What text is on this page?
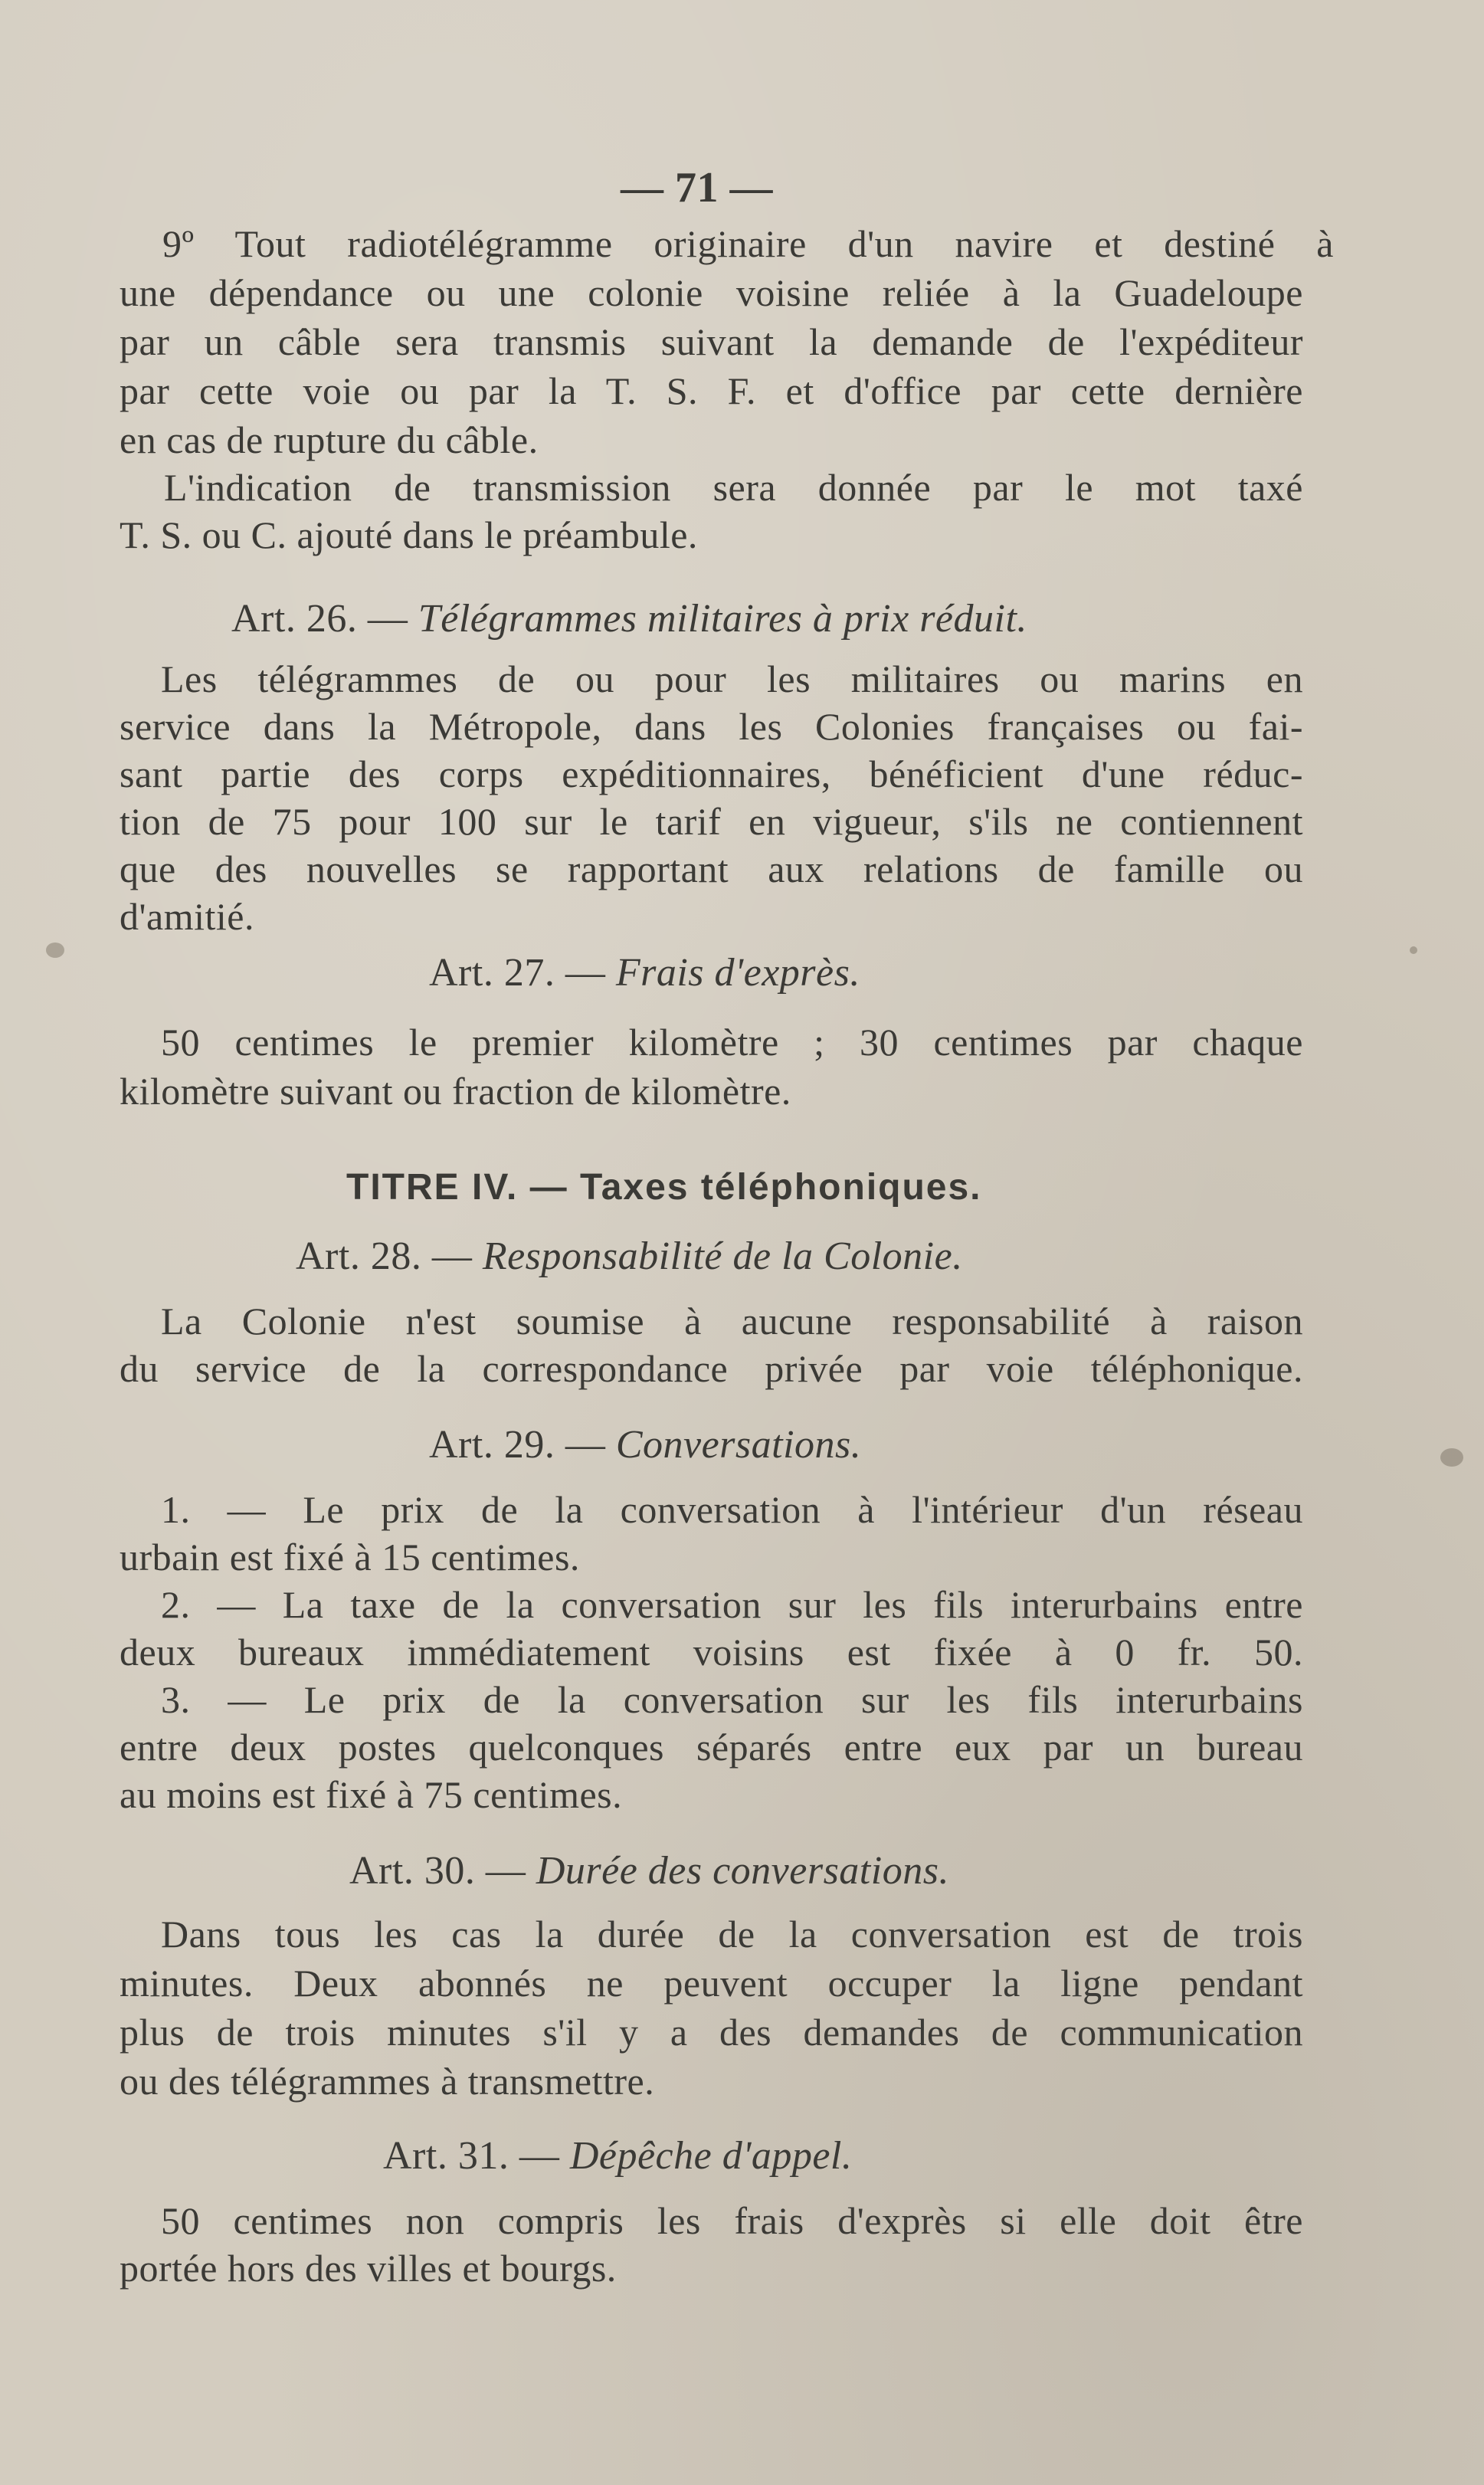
— 71 —
9º Tout radiotélégramme originaire d'un navire et destiné à
une dépendance ou une colonie voisine reliée à la Guadeloupe
par un câble sera transmis suivant la demande de l'expéditeur
par cette voie ou par la T. S. F. et d'office par cette dernière
en cas de rupture du câble.
L'indication de transmission sera donnée par le mot taxé
T. S. ou C. ajouté dans le préambule.
Art. 26. — Télégrammes militaires à prix réduit.
Les télégrammes de ou pour les militaires ou marins en
service dans la Métropole, dans les Colonies françaises ou fai-
sant partie des corps expéditionnaires, bénéficient d'une réduc-
tion de 75 pour 100 sur le tarif en vigueur, s'ils ne contiennent
que des nouvelles se rapportant aux relations de famille ou
d'amitié.
Art. 27. — Frais d'exprès.
50 centimes le premier kilomètre ; 30 centimes par chaque
kilomètre suivant ou fraction de kilomètre.
TITRE IV. — Taxes téléphoniques.
Art. 28. — Responsabilité de la Colonie.
La Colonie n'est soumise à aucune responsabilité à raison
du service de la correspondance privée par voie téléphonique.
Art. 29. — Conversations.
1. — Le prix de la conversation à l'intérieur d'un réseau
urbain est fixé à 15 centimes.
2. — La taxe de la conversation sur les fils interurbains entre
deux bureaux immédiatement voisins est fixée à 0 fr. 50.
3. — Le prix de la conversation sur les fils interurbains
entre deux postes quelconques séparés entre eux par un bureau
au moins est fixé à 75 centimes.
Art. 30. — Durée des conversations.
Dans tous les cas la durée de la conversation est de trois
minutes. Deux abonnés ne peuvent occuper la ligne pendant
plus de trois minutes s'il y a des demandes de communication
ou des télégrammes à transmettre.
Art. 31. — Dépêche d'appel.
50 centimes non compris les frais d'exprès si elle doit être
portée hors des villes et bourgs.
